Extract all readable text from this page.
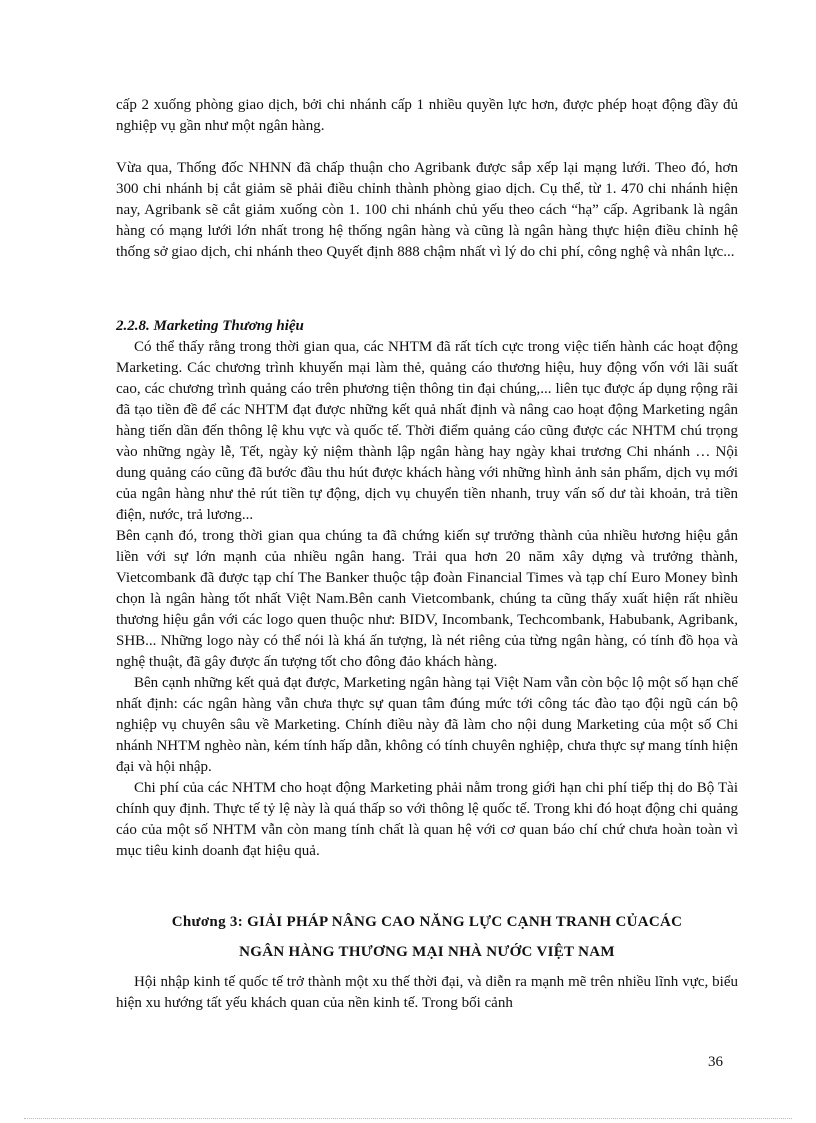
cấp 2 xuống phòng giao dịch, bởi chi nhánh cấp 1 nhiều quyền lực hơn, được phép hoạt động đầy đủ nghiệp vụ gần như một ngân hàng.

Vừa qua, Thống đốc NHNN đã chấp thuận cho Agribank được sắp xếp lại mạng lưới. Theo đó, hơn 300 chi nhánh bị cắt giảm sẽ phải điều chỉnh thành phòng giao dịch. Cụ thể, từ 1. 470 chi nhánh hiện nay, Agribank sẽ cắt giảm xuống còn 1. 100 chi nhánh chủ yếu theo cách “hạ” cấp. Agribank là ngân hàng có mạng lưới lớn nhất trong hệ thống ngân hàng và cũng là ngân hàng thực hiện điều chỉnh hệ thống sở giao dịch, chi nhánh theo Quyết định 888 chậm nhất vì lý do chi phí, công nghệ và nhân lực...

2.2.8. Marketing Thương hiệu

Có thể thấy rằng trong thời gian qua, các NHTM đã rất tích cực trong việc tiến hành các hoạt động Marketing. Các chương trình khuyến mại làm thẻ, quảng cáo thương hiệu, huy động vốn với lãi suất cao, các chương trình quảng cáo trên phương tiện thông tin đại chúng,... liên tục được áp dụng rộng rãi đã tạo tiền đề để các NHTM đạt được những kết quả nhất định và nâng cao hoạt động Marketing ngân hàng tiến dần đến thông lệ khu vực và quốc tế. Thời điểm quảng cáo cũng được các NHTM chú trọng vào những ngày lễ, Tết, ngày kỷ niệm thành lập ngân hàng hay ngày khai trương Chi nhánh … Nội dung quảng cáo cũng đã bước đầu thu hút được khách hàng với những hình ảnh sản phẩm, dịch vụ mới của ngân hàng như thẻ rút tiền tự động, dịch vụ chuyển tiền nhanh, truy vấn số dư tài khoản, trả tiền điện, nước, trả lương...

Bên cạnh đó, trong thời gian qua chúng ta đã chứng kiến sự trưởng thành của nhiều hương hiệu gắn liền với sự lớn mạnh của nhiều ngân hang. Trải qua hơn 20 năm xây dựng và trưởng thành, Vietcombank đã được tạp chí The Banker thuộc tập đoàn Financial Times và tạp chí Euro Money bình chọn là ngân hàng tốt nhất Việt Nam.Bên canh Vietcombank, chúng ta cũng thấy xuất hiện rất nhiều thương hiệu gắn với các logo quen thuộc như: BIDV, Incombank, Techcombank, Habubank, Agribank, SHB... Những logo này có thể nói là khá ấn tượng, là nét riêng của từng ngân hàng, có tính đồ họa và nghệ thuật, đã gây được ấn tượng tốt cho đông đảo khách hàng.

Bên cạnh những kết quả đạt được, Marketing ngân hàng tại Việt Nam vẫn còn bộc lộ một số hạn chế nhất định: các ngân hàng vẫn chưa thực sự quan tâm đúng mức tới công tác đào tạo đội ngũ cán bộ nghiệp vụ chuyên sâu về Marketing. Chính điều này đã làm cho nội dung Marketing của một số Chi nhánh NHTM nghèo nàn, kém tính hấp dẫn, không có tính chuyên nghiệp, chưa thực sự mang tính hiện đại và hội nhập.

Chi phí của các NHTM cho hoạt động Marketing phải nằm trong giới hạn chi phí tiếp thị do Bộ Tài chính quy định. Thực tế tỷ lệ này là quá thấp so với thông lệ quốc tế. Trong khi đó hoạt động chi quảng cáo của một số NHTM vẫn còn mang tính chất là quan hệ với cơ quan báo chí chứ chưa hoàn toàn vì mục tiêu kinh doanh đạt hiệu quả.

Chương 3: GIẢI PHÁP NÂNG CAO NĂNG LỰC CẠNH TRANH CỦACÁC
NGÂN HÀNG THƯƠNG MẠI NHÀ NƯỚC VIỆT NAM

Hội nhập kinh tế quốc tế trở thành một xu thế thời đại, và diễn ra mạnh mẽ trên nhiều lĩnh vực, biểu hiện xu hướng tất yếu khách quan của nền kinh tế. Trong bối cảnh

36
